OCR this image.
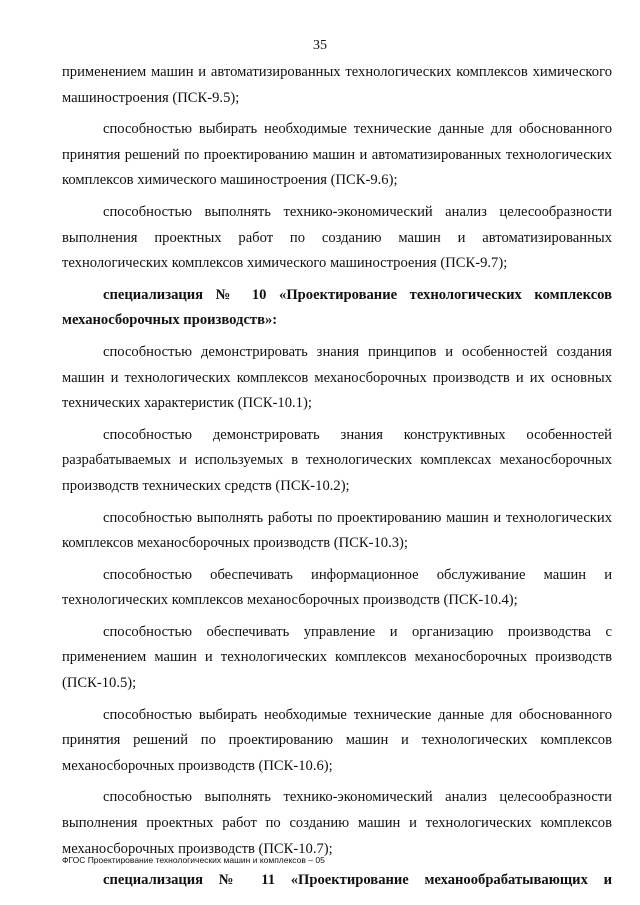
35

применением машин и автоматизированных технологических комплексов химического машиностроения (ПСК-9.5);

способностью выбирать необходимые технические данные для обоснованного принятия решений по проектированию машин и автоматизированных технологических комплексов химического машиностроения (ПСК-9.6);

способностью выполнять технико-экономический анализ целесообразности выполнения проектных работ по созданию машин и автоматизированных технологических комплексов химического машиностроения (ПСК-9.7);

специализация № 10 «Проектирование технологических комплексов механосборочных производств»:

способностью демонстрировать знания принципов и особенностей создания машин и технологических комплексов механосборочных производств и их основных технических характеристик (ПСК-10.1);

способностью демонстрировать знания конструктивных особенностей разрабатываемых и используемых в технологических комплексах механосборочных производств технических средств (ПСК-10.2);

способностью выполнять работы по проектированию машин и технологических комплексов механосборочных производств (ПСК-10.3);

способностью обеспечивать информационное обслуживание машин и технологических комплексов механосборочных производств (ПСК-10.4);

способностью обеспечивать управление и организацию производства с применением машин и технологических комплексов механосборочных производств (ПСК-10.5);

способностью выбирать необходимые технические данные для обоснованного принятия решений по проектированию машин и технологических комплексов механосборочных производств (ПСК-10.6);

способностью выполнять технико-экономический анализ целесообразности выполнения проектных работ по созданию машин и технологических комплексов механосборочных производств (ПСК-10.7);

специализация № 11 «Проектирование механообрабатывающих и

ФГОС Проектирование технологических машин и комплексов – 05
